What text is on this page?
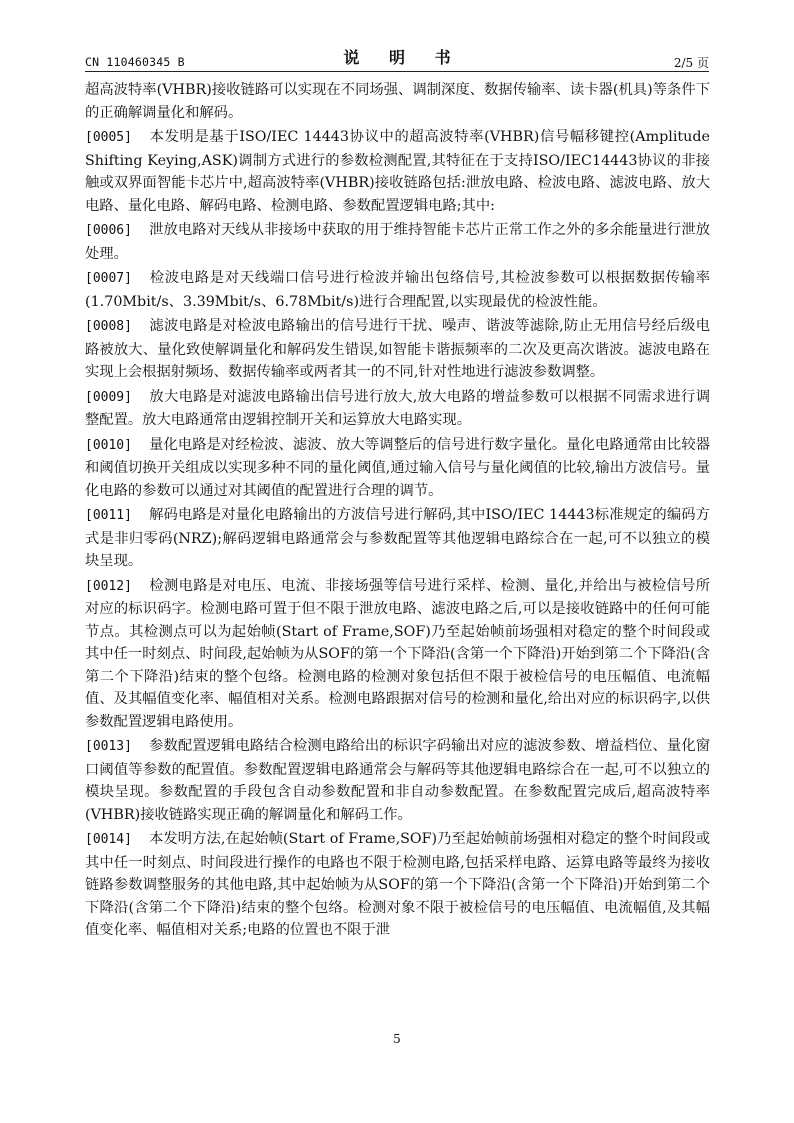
CN 110460345 B	说 明 书	2/5 页

超高波特率(VHBR)接收链路可以实现在不同场强、调制深度、数据传输率、读卡器(机具)等条件下的正确解调量化和解码。

[0005] 本发明是基于ISO/IEC 14443协议中的超高波特率(VHBR)信号幅移键控(Amplitude Shifting Keying,ASK)调制方式进行的参数检测配置,其特征在于支持ISO/IEC14443协议的非接触或双界面智能卡芯片中,超高波特率(VHBR)接收链路包括:泄放电路、检波电路、滤波电路、放大电路、量化电路、解码电路、检测电路、参数配置逻辑电路;其中:

[0006] 泄放电路对天线从非接场中获取的用于维持智能卡芯片正常工作之外的多余能量进行泄放处理。

[0007] 检波电路是对天线端口信号进行检波并输出包络信号,其检波参数可以根据数据传输率(1.70Mbit/s、3.39Mbit/s、6.78Mbit/s)进行合理配置,以实现最优的检波性能。

[0008] 滤波电路是对检波电路输出的信号进行干扰、噪声、谐波等滤除,防止无用信号经后级电路被放大、量化致使解调量化和解码发生错误,如智能卡谐振频率的二次及更高次谐波。滤波电路在实现上会根据射频场、数据传输率或两者其一的不同,针对性地进行滤波参数调整。

[0009] 放大电路是对滤波电路输出信号进行放大,放大电路的增益参数可以根据不同需求进行调整配置。放大电路通常由逻辑控制开关和运算放大电路实现。

[0010] 量化电路是对经检波、滤波、放大等调整后的信号进行数字量化。量化电路通常由比较器和阈值切换开关组成以实现多种不同的量化阈值,通过输入信号与量化阈值的比较,输出方波信号。量化电路的参数可以通过对其阈值的配置进行合理的调节。

[0011] 解码电路是对量化电路输出的方波信号进行解码,其中ISO/IEC 14443标准规定的编码方式是非归零码(NRZ);解码逻辑电路通常会与参数配置等其他逻辑电路综合在一起,可不以独立的模块呈现。

[0012] 检测电路是对电压、电流、非接场强等信号进行采样、检测、量化,并给出与被检信号所对应的标识码字。检测电路可置于但不限于泄放电路、滤波电路之后,可以是接收链路中的任何可能节点。其检测点可以为起始帧(Start of Frame,SOF)乃至起始帧前场强相对稳定的整个时间段或其中任一时刻点、时间段,起始帧为从SOF的第一个下降沿(含第一个下降沿)开始到第二个下降沿(含第二个下降沿)结束的整个包络。检测电路的检测对象包括但不限于被检信号的电压幅值、电流幅值、及其幅值变化率、幅值相对关系。检测电路跟据对信号的检测和量化,给出对应的标识码字,以供参数配置逻辑电路使用。

[0013] 参数配置逻辑电路结合检测电路给出的标识字码输出对应的滤波参数、增益档位、量化窗口阈值等参数的配置值。参数配置逻辑电路通常会与解码等其他逻辑电路综合在一起,可不以独立的模块呈现。参数配置的手段包含自动参数配置和非自动参数配置。在参数配置完成后,超高波特率(VHBR)接收链路实现正确的解调量化和解码工作。

[0014] 本发明方法,在起始帧(Start of Frame,SOF)乃至起始帧前场强相对稳定的整个时间段或其中任一时刻点、时间段进行操作的电路也不限于检测电路,包括采样电路、运算电路等最终为接收链路参数调整服务的其他电路,其中起始帧为从SOF的第一个下降沿(含第一个下降沿)开始到第二个下降沿(含第二个下降沿)结束的整个包络。检测对象不限于被检信号的电压幅值、电流幅值,及其幅值变化率、幅值相对关系;电路的位置也不限于泄

5
